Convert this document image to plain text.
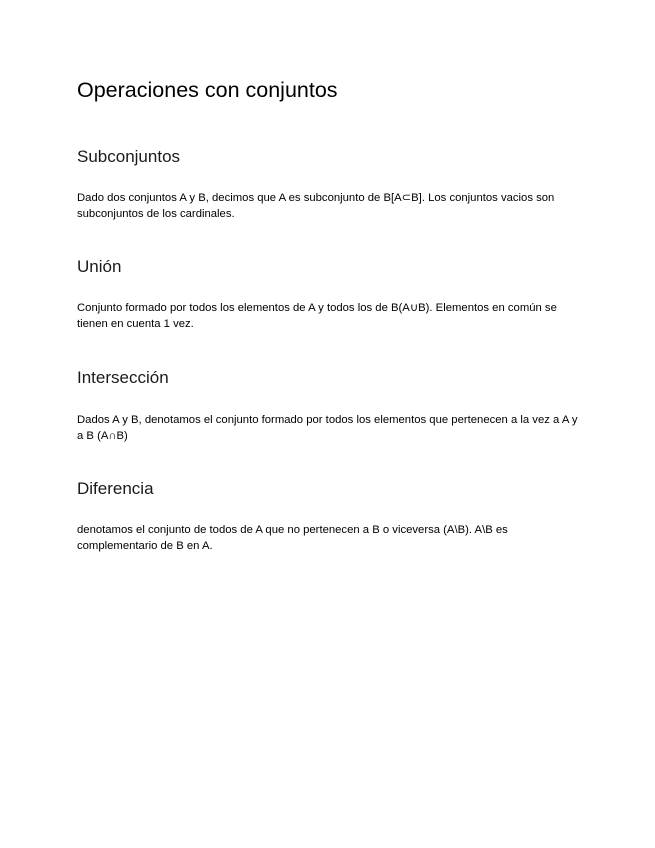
Operaciones con conjuntos
Subconjuntos

Dado dos conjuntos A y B, decimos que A es subconjunto de B[A⊂B]. Los conjuntos vacios son subconjuntos de los cardinales.

Unión

Conjunto formado por todos los elementos de A y todos los de B(A∪B). Elementos en común se tienen en cuenta 1 vez.

Intersección

Dados A y B, denotamos el conjunto formado por todos los elementos que pertenecen a la vez a A y a B (A∩B)

Diferencia

denotamos el conjunto de todos de A que no pertenecen a B o viceversa (A\B). A\B es complementario de B en A.
